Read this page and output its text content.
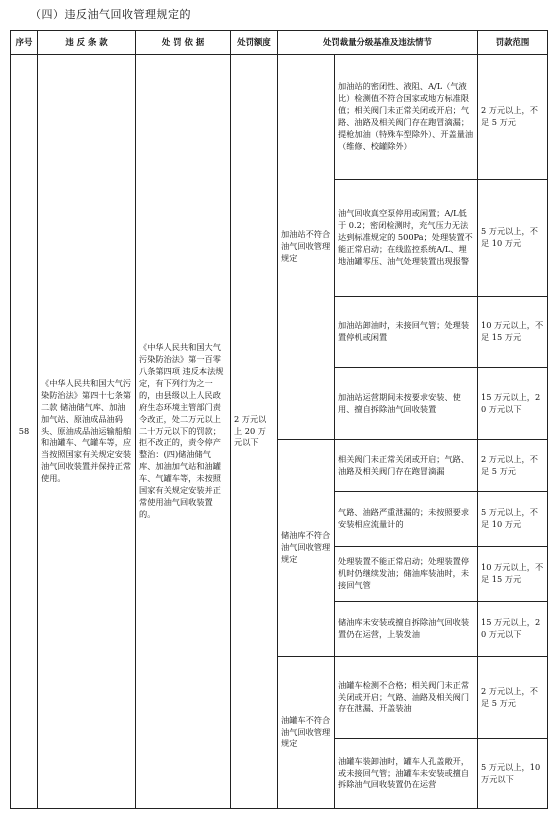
（四）违反油气回收管理规定的
序号	违 反 条 款	处 罚 依 据	处罚额度	处罚裁量分级基准及违法情节		罚款范围
58	《中华人民共和国大气污染防治法》第四十七条第二款 储油储气库、加油加气站、原油成品油码头、原油成品油运输船舶和油罐车、气罐车等，应当按照国家有关规定安装油气回收装置并保持正常使用。	《中华人民共和国大气污染防治法》第一百零八条第四项 违反本法规定，有下列行为之一的，由县级以上人民政府生态环境主管部门责令改正，处二万元以上二十万元以下的罚款；拒不改正的，责令停产整治：(四)储油储气库、加油加气站和油罐车、气罐车等，未按照国家有关规定安装并正常使用油气回收装置的。	2 万元以上 20 万元以下	加油站不符合油气回收管理规定	加油站的密闭性、液阻、A/L（气液比）检测值不符合国家或地方标准限值；相关阀门未正常关闭或开启；气路、油路及相关阀门存在跑冒滴漏；提枪加油（特殊车型除外）、开盖量油（维修、校罐除外）	2 万元以上，不足 5 万元
					油气回收真空泵停用或闲置；A/L低于 0.2；密闭检测时，充气压力无法达到标准规定的 500Pa；处理装置不能正常启动；在线监控系统A/L、埋地油罐零压、油气处理装置出现报警	5 万元以上，不足 10 万元
					加油站卸油时，未接回气管；处理装置停机或闲置	10 万元以上，不足 15 万元
					加油站运营期间未按要求安装、使用、擅自拆除油气回收装置	15 万元以上，20 万元以下
				储油库不符合油气回收管理规定	相关阀门未正常关闭或开启；气路、油路及相关阀门存在跑冒滴漏	2 万元以上，不足 5 万元
					气路、油路严重泄漏的；未按照要求安装相应流量计的	5 万元以上，不足 10 万元
					处理装置不能正常启动；处理装置停机时仍继续发油；储油库装油时，未接回气管	10 万元以上，不足 15 万元
					储油库未安装或擅自拆除油气回收装置仍在运营，上装发油	15 万元以上，20 万元以下
				油罐车不符合油气回收管理规定	油罐车检测不合格；相关阀门未正常关闭或开启；气路、油路及相关阀门存在泄漏、开盖装油	2 万元以上，不足 5 万元
					油罐车装卸油时，罐车人孔盖敞开，或未接回气管；油罐车未安装或擅自拆除油气回收装置仍在运营	5 万元以上，10 万元以下
